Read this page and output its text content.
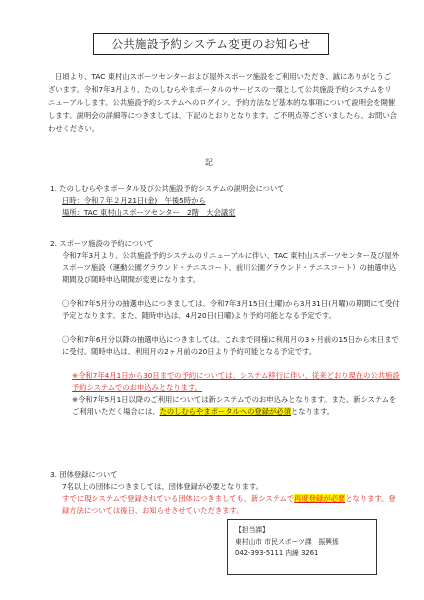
公共施設予約システム変更のお知らせ

日頃より、TAC 東村山スポーツセンターおよび屋外スポーツ施設をご利用いただき、誠にありがとうございます。令和7年3月より、たのしむらやまポータルのサービスの一環として公共施設予約システムをリニューアルします。公共施設予約システムへのログイン、予約方法など基本的な事項について説明会を開催します。説明会の詳細等につきましては、下記のとおりとなります。ご不明点等ございましたら、お問い合わせください。

記

1. たのしむらやまポータル及び公共施設予約システムの説明会について

日時：令和７年２月21日(金)　午後5時から

場所：TAC 東村山スポーツセンター　2階　大会議室

2. スポーツ施設の予約について

令和7年3月より、公共施設予約システムのリニューアルに伴い、TAC 東村山スポーツセンター及び屋外スポーツ施設（運動公園グラウンド・テニスコート、前川公園グラウンド・テニスコート）の抽選申込期間及び随時申込期間が変更になります。

〇令和7年5月分の抽選申込につきましては、令和7年3月15日(土曜)から3月31日(月曜)の期間にて受付予定となります。また、随時申込は、4月20日(日曜)より予約可能となる予定です。

〇令和7年6月分以降の抽選申込につきましては、これまで同様に利用月の3ヶ月前の15日から末日までに受付。随時申込は、利用月の2ヶ月前の20日より予約可能となる予定です。

※令和7年4月1日から30日までの予約については、システム移行に伴い、従来どおり現在の公共施設予約システムでのお申込みとなります。

※令和7年5月1日以降のご利用については新システムでのお申込みとなります。また、新システムをご利用いただく場合には、たのしむらやまポータルへの登録が必須となります。

3. 団体登録について

7名以上の団体につきましては、団体登録が必要となります。

すでに現システムで登録されている団体につきましても、新システムで再度登録が必要となります。登録方法については後日、お知らせさせていただきます。

【担当課】

東村山市 市民スポーツ課　振興係

042-393-5111 内線 3261
